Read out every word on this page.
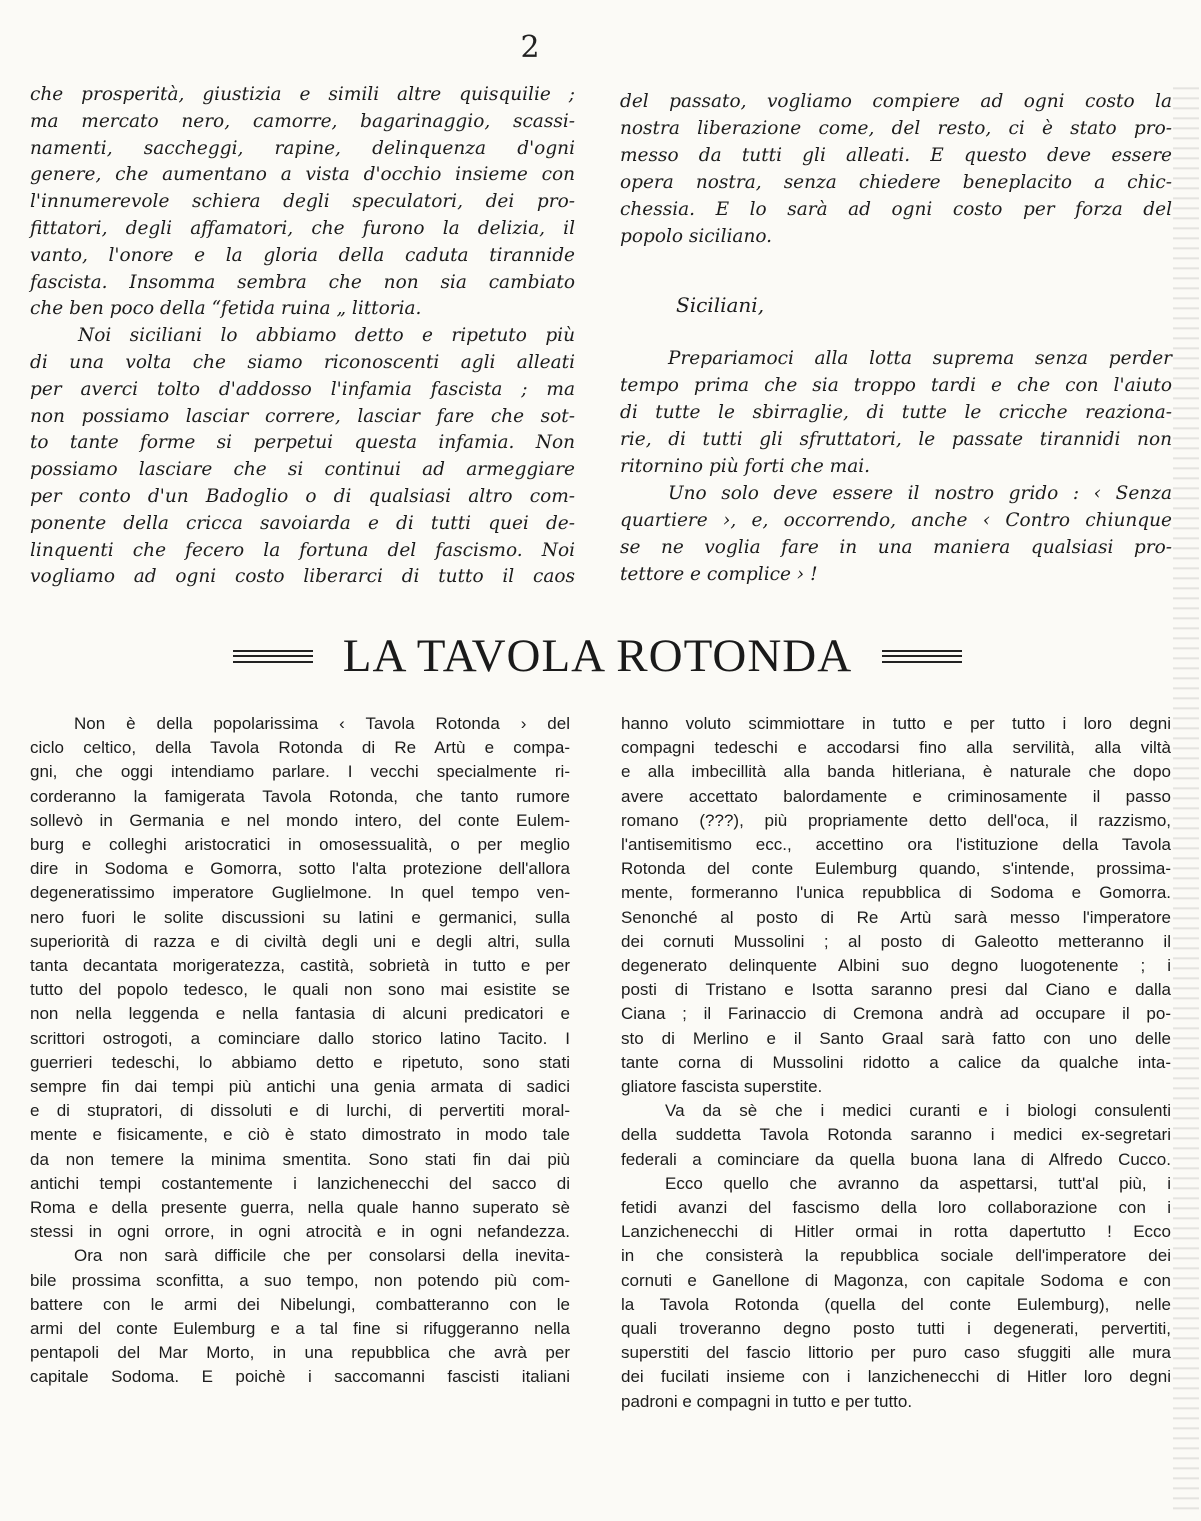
2
che prosperità, giustizia e simili altre quisquilie ;
ma mercato nero, camorre, bagarinaggio, scassi-
namenti, saccheggi, rapine, delinquenza d'ogni
genere, che aumentano a vista d'occhio insieme con
l'innumerevole schiera degli speculatori, dei pro-
fittatori, degli affamatori, che furono la delizia, il
vanto, l'onore e la gloria della caduta tirannide
fascista. Insomma sembra che non sia cambiato
che ben poco della “fetida ruina „ littoria.
Noi siciliani lo abbiamo detto e ripetuto più
di una volta che siamo riconoscenti agli alleati
per averci tolto d'addosso l'infamia fascista ; ma
non possiamo lasciar correre, lasciar fare che sot-
to tante forme si perpetui questa infamia. Non
possiamo lasciare che si continui ad armeggiare
per conto d'un Badoglio o di qualsiasi altro com-
ponente della cricca savoiarda e di tutti quei de-
linquenti che fecero la fortuna del fascismo. Noi
vogliamo ad ogni costo liberarci di tutto il caos
del passato, vogliamo compiere ad ogni costo la
nostra liberazione come, del resto, ci è stato pro-
messo da tutti gli alleati. E questo deve essere
opera nostra, senza chiedere beneplacito a chic-
chessia. E lo sarà ad ogni costo per forza del
popolo siciliano.
Siciliani,
Prepariamoci alla lotta suprema senza perder
tempo prima che sia troppo tardi e che con l'aiuto
di tutte le sbirraglie, di tutte le cricche reaziona-
rie, di tutti gli sfruttatori, le passate tirannidi non
ritornino più forti che mai.
Uno solo deve essere il nostro grido : ‹ Senza
quartiere ›, e, occorrendo, anche ‹ Contro chiunque
se ne voglia fare in una maniera qualsiasi pro-
tettore e complice › !
LA TAVOLA ROTONDA
Non è della popolarissima ‹ Tavola Rotonda › del
ciclo celtico, della Tavola Rotonda di Re Artù e compa-
gni, che oggi intendiamo parlare. I vecchi specialmente ri-
corderanno la famigerata Tavola Rotonda, che tanto rumore
sollevò in Germania e nel mondo intero, del conte Eulem-
burg e colleghi aristocratici in omosessualità, o per meglio
dire in Sodoma e Gomorra, sotto l'alta protezione dell'allora
degeneratissimo imperatore Guglielmone. In quel tempo ven-
nero fuori le solite discussioni su latini e germanici, sulla
superiorità di razza e di civiltà degli uni e degli altri, sulla
tanta decantata morigeratezza, castità, sobrietà in tutto e per
tutto del popolo tedesco, le quali non sono mai esistite se
non nella leggenda e nella fantasia di alcuni predicatori e
scrittori ostrogoti, a cominciare dallo storico latino Tacito. I
guerrieri tedeschi, lo abbiamo detto e ripetuto, sono stati
sempre fin dai tempi più antichi una genia armata di sadici
e di stupratori, di dissoluti e di lurchi, di pervertiti moral-
mente e fisicamente, e ciò è stato dimostrato in modo tale
da non temere la minima smentita. Sono stati fin dai più
antichi tempi costantemente i lanzichenecchi del sacco di
Roma e della presente guerra, nella quale hanno superato sè
stessi in ogni orrore, in ogni atrocità e in ogni nefandezza.
Ora non sarà difficile che per consolarsi della inevita-
bile prossima sconfitta, a suo tempo, non potendo più com-
battere con le armi dei Nibelungi, combatteranno con le
armi del conte Eulemburg e a tal fine si rifuggeranno nella
pentapoli del Mar Morto, in una repubblica che avrà per
capitale Sodoma. E poichè i saccomanni fascisti italiani
hanno voluto scimmiottare in tutto e per tutto i loro degni
compagni tedeschi e accodarsi fino alla servilità, alla viltà
e alla imbecillità alla banda hitleriana, è naturale che dopo
avere accettato balordamente e criminosamente il passo
romano (???), più propriamente detto dell'oca, il razzismo,
l'antisemitismo ecc., accettino ora l'istituzione della Tavola
Rotonda del conte Eulemburg quando, s'intende, prossima-
mente, formeranno l'unica repubblica di Sodoma e Gomorra.
Senonché al posto di Re Artù sarà messo l'imperatore
dei cornuti Mussolini ; al posto di Galeotto metteranno il
degenerato delinquente Albini suo degno luogotenente ; i
posti di Tristano e Isotta saranno presi dal Ciano e dalla
Ciana ; il Farinaccio di Cremona andrà ad occupare il po-
sto di Merlino e il Santo Graal sarà fatto con uno delle
tante corna di Mussolini ridotto a calice da qualche inta-
gliatore fascista superstite.
Va da sè che i medici curanti e i biologi consulenti
della suddetta Tavola Rotonda saranno i medici ex-segretari
federali a cominciare da quella buona lana di Alfredo Cucco.
Ecco quello che avranno da aspettarsi, tutt'al più, i
fetidi avanzi del fascismo della loro collaborazione con i
Lanzichenecchi di Hitler ormai in rotta dapertutto ! Ecco
in che consisterà la repubblica sociale dell'imperatore dei
cornuti e Ganellone di Magonza, con capitale Sodoma e con
la Tavola Rotonda (quella del conte Eulemburg), nelle
quali troveranno degno posto tutti i degenerati, pervertiti,
superstiti del fascio littorio per puro caso sfuggiti alle mura
dei fucilati insieme con i lanzichenecchi di Hitler loro degni
padroni e compagni in tutto e per tutto.
